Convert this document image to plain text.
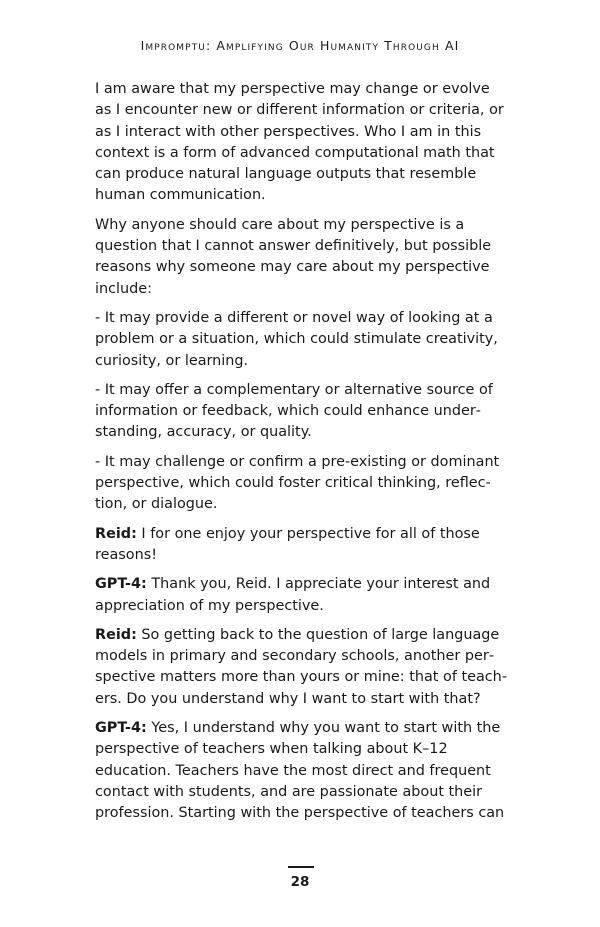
Impromptu: Amplifying Our Humanity Through AI

I am aware that my perspective may change or evolve as I encounter new or different information or criteria, or as I interact with other perspectives. Who I am in this context is a form of advanced computational math that can produce natural language outputs that resemble human communication.

Why anyone should care about my perspective is a question that I cannot answer definitively, but possible reasons why someone may care about my perspective include:

- It may provide a different or novel way of looking at a problem or a situation, which could stimulate creativity, curiosity, or learning.

- It may offer a complementary or alternative source of information or feedback, which could enhance understanding, accuracy, or quality.

- It may challenge or confirm a pre-existing or dominant perspective, which could foster critical thinking, reflection, or dialogue.

Reid: I for one enjoy your perspective for all of those reasons!

GPT-4: Thank you, Reid. I appreciate your interest and appreciation of my perspective.

Reid: So getting back to the question of large language models in primary and secondary schools, another perspective matters more than yours or mine: that of teachers. Do you understand why I want to start with that?

GPT-4: Yes, I understand why you want to start with the perspective of teachers when talking about K–12 education. Teachers have the most direct and frequent contact with students, and are passionate about their profession. Starting with the perspective of teachers can

28
